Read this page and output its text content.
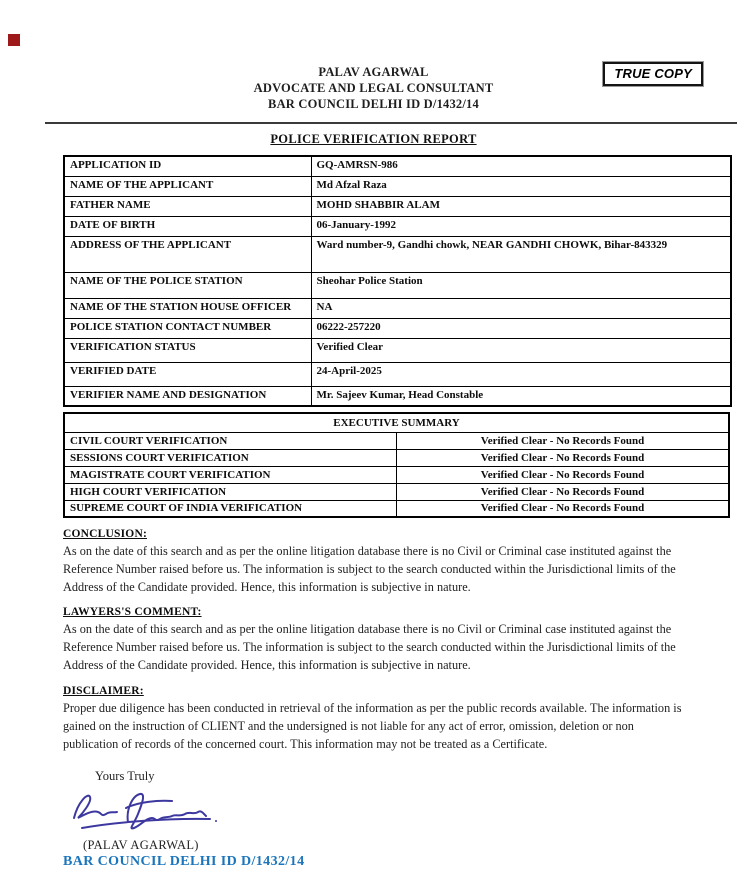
TRUE COPY
PALAV AGARWAL
ADVOCATE AND LEGAL CONSULTANT
BAR COUNCIL DELHI ID D/1432/14
POLICE VERIFICATION REPORT
APPLICATION ID	GQ-AMRSN-986
NAME OF THE APPLICANT	Md Afzal Raza
FATHER NAME	MOHD SHABBIR ALAM
DATE OF BIRTH	06-January-1992
ADDRESS OF THE APPLICANT	Ward number-9, Gandhi chowk, NEAR GANDHI CHOWK, Bihar-843329
NAME OF THE POLICE STATION	Sheohar Police Station
NAME OF THE STATION HOUSE OFFICER	NA
POLICE STATION CONTACT NUMBER	06222-257220
VERIFICATION STATUS	Verified Clear
VERIFIED DATE	24-April-2025
VERIFIER NAME AND DESIGNATION	Mr. Sajeev Kumar, Head Constable
EXECUTIVE SUMMARY	
CIVIL COURT VERIFICATION	Verified Clear - No Records Found
SESSIONS COURT VERIFICATION	Verified Clear - No Records Found
MAGISTRATE COURT VERIFICATION	Verified Clear - No Records Found
HIGH COURT VERIFICATION	Verified Clear - No Records Found
SUPREME COURT OF INDIA VERIFICATION	Verified Clear - No Records Found
CONCLUSION:
As on the date of this search and as per the online litigation database there is no Civil or Criminal case instituted against the Reference Number raised before us. The information is subject to the search conducted within the Jurisdictional limits of the Address of the Candidate provided. Hence, this information is subjective in nature.
LAWYERS'S COMMENT:
As on the date of this search and as per the online litigation database there is no Civil or Criminal case instituted against the Reference Number raised before us. The information is subject to the search conducted within the Jurisdictional limits of the Address of the Candidate provided. Hence, this information is subjective in nature.
DISCLAIMER:
Proper due diligence has been conducted in retrieval of the information as per the public records available. The information is gained on the instruction of CLIENT and the undersigned is not liable for any act of error, omission, deletion or non publication of records of the concerned court. This information may not be treated as a Certificate.
Yours Truly
(PALAV AGARWAL)
BAR COUNCIL DELHI ID D/1432/14
